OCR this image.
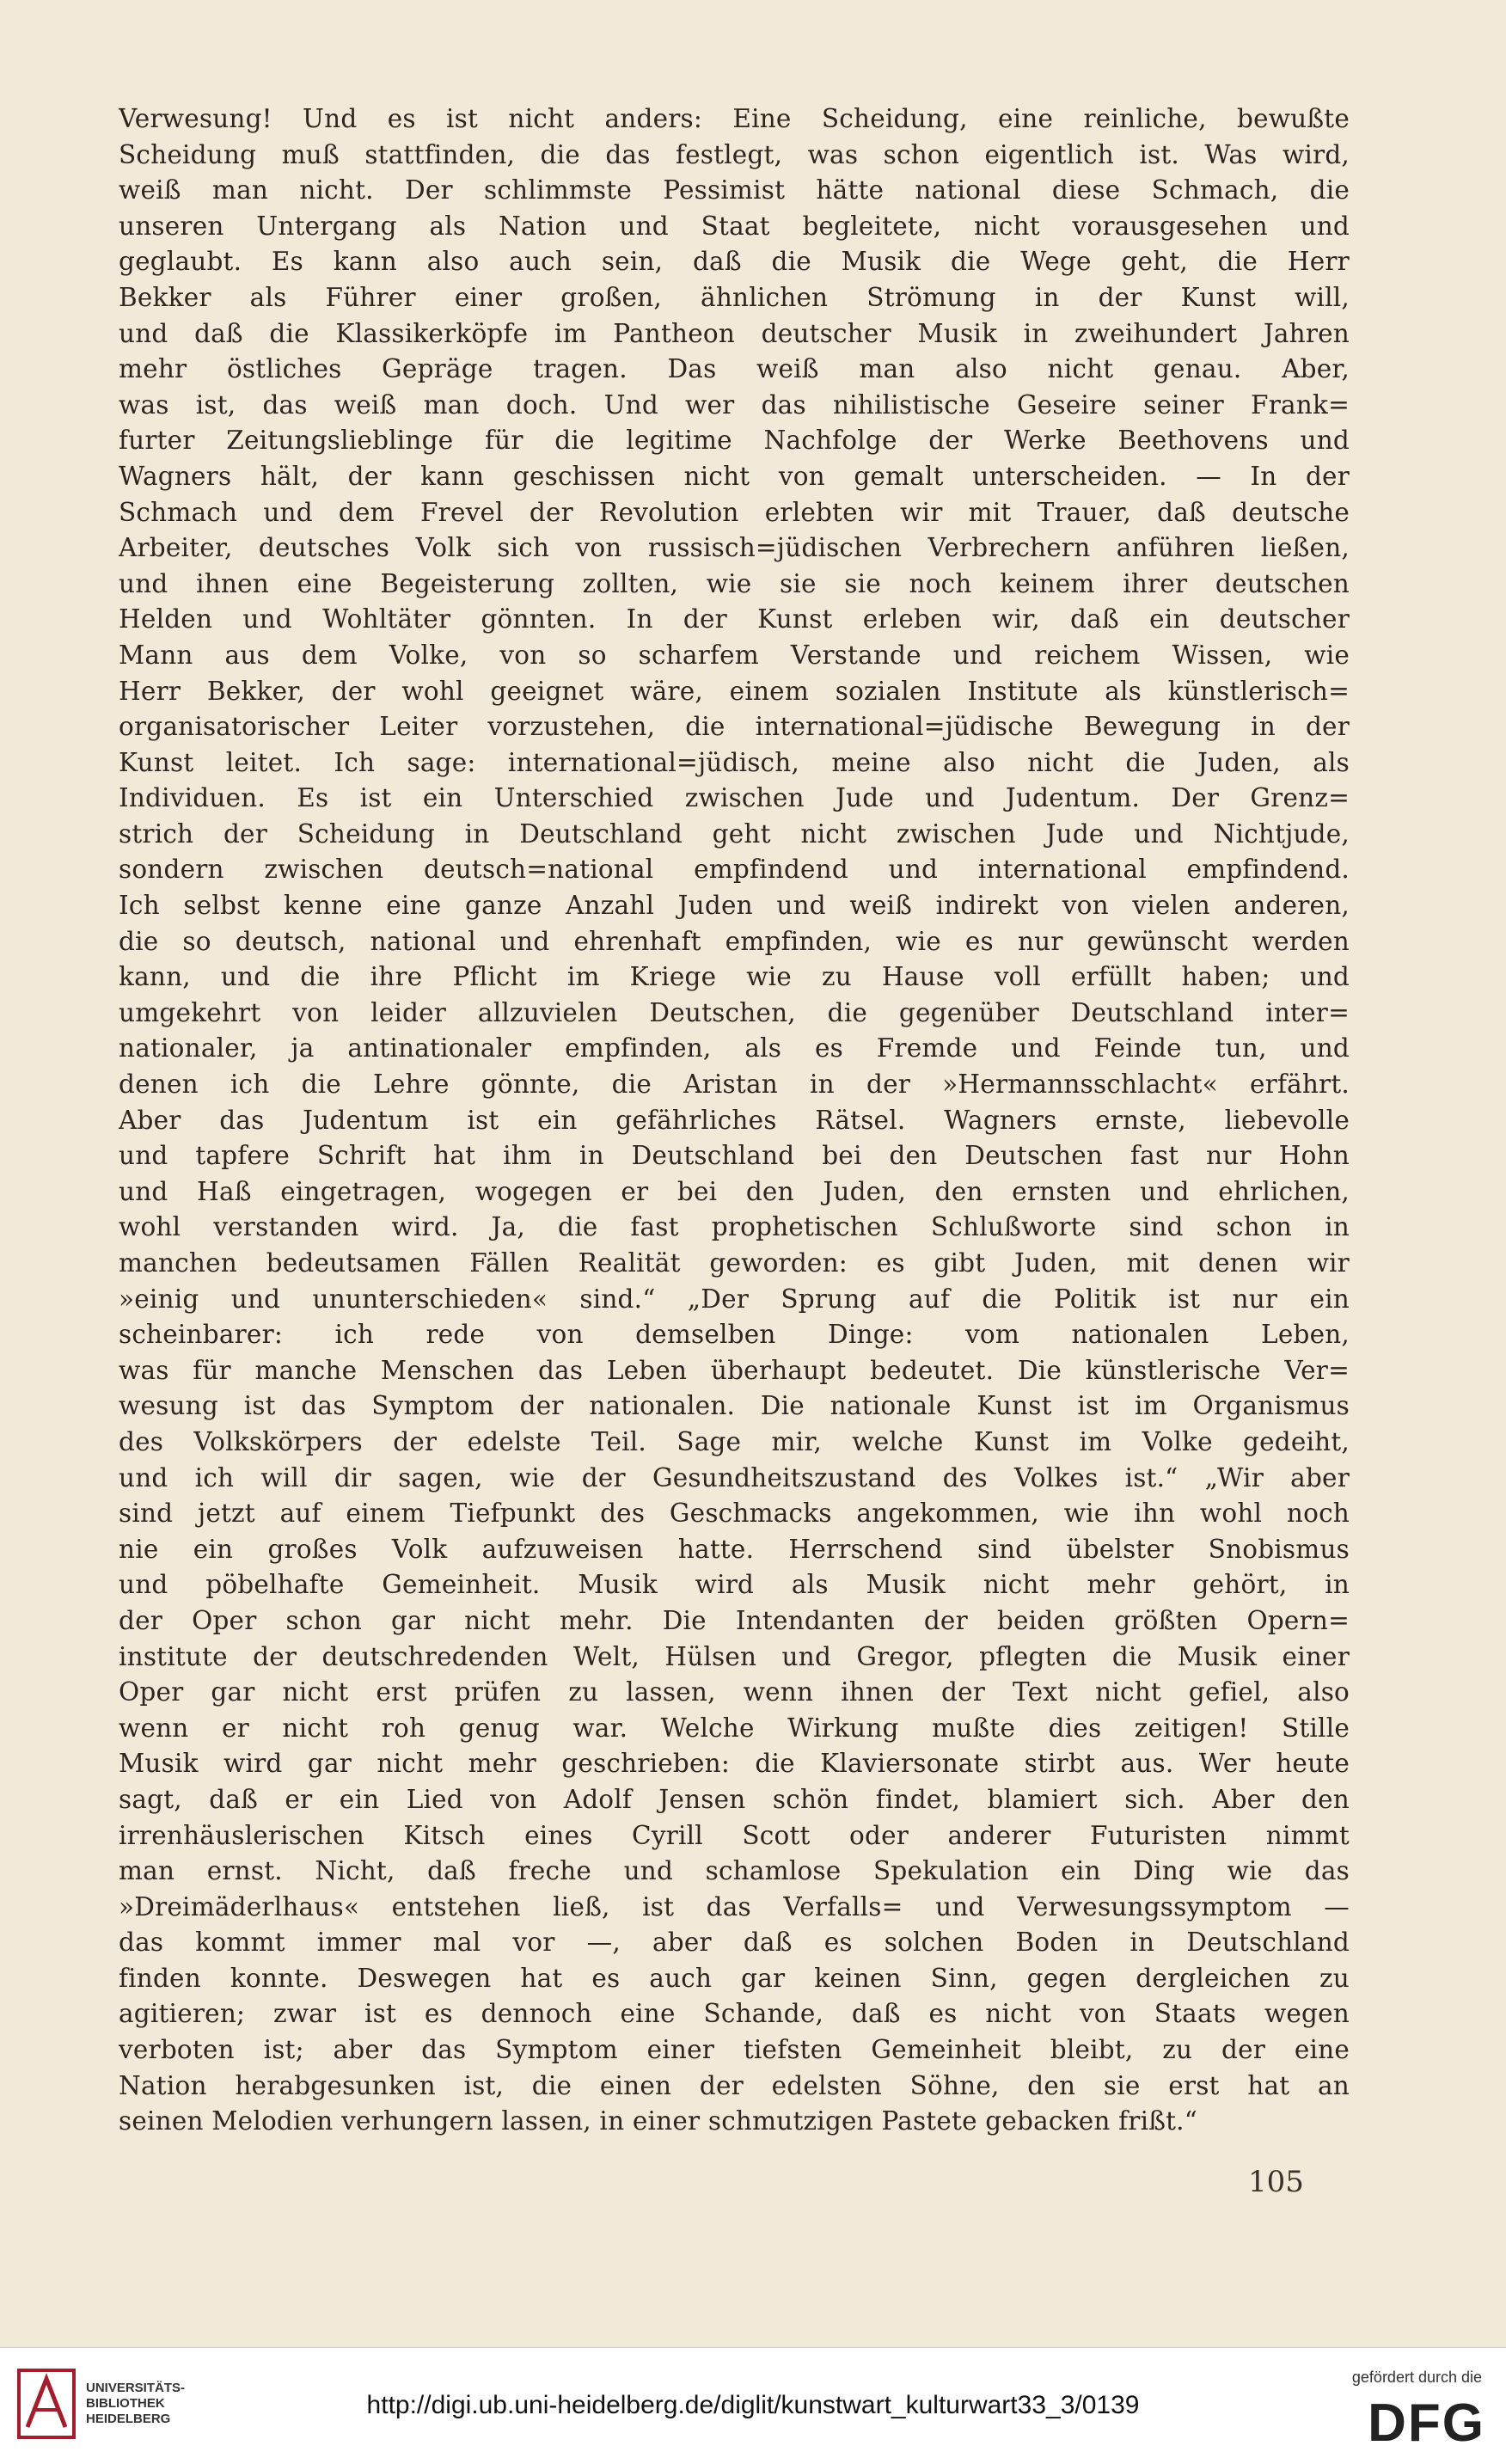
Verwesung! Und es ist nicht anders: Eine Scheidung, eine reinliche, bewußte
Scheidung muß stattfinden, die das festlegt, was schon eigentlich ist. Was wird,
weiß man nicht. Der schlimmste Pessimist hätte national diese Schmach, die
unseren Untergang als Nation und Staat begleitete, nicht vorausgesehen und
geglaubt. Es kann also auch sein, daß die Musik die Wege geht, die Herr
Bekker als Führer einer großen, ähnlichen Strömung in der Kunst will,
und daß die Klassikerköpfe im Pantheon deutscher Musik in zweihundert Jahren
mehr östliches Gepräge tragen. Das weiß man also nicht genau. Aber,
was ist, das weiß man doch. Und wer das nihilistische Geseire seiner Frank=
furter Zeitungslieblinge für die legitime Nachfolge der Werke Beethovens und
Wagners hält, der kann geschissen nicht von gemalt unterscheiden. — In der
Schmach und dem Frevel der Revolution erlebten wir mit Trauer, daß deutsche
Arbeiter, deutsches Volk sich von russisch=jüdischen Verbrechern anführen ließen,
und ihnen eine Begeisterung zollten, wie sie sie noch keinem ihrer deutschen
Helden und Wohltäter gönnten. In der Kunst erleben wir, daß ein deutscher
Mann aus dem Volke, von so scharfem Verstande und reichem Wissen, wie
Herr Bekker, der wohl geeignet wäre, einem sozialen Institute als künstlerisch=
organisatorischer Leiter vorzustehen, die international=jüdische Bewegung in der
Kunst leitet. Ich sage: international=jüdisch, meine also nicht die Juden, als
Individuen. Es ist ein Unterschied zwischen Jude und Judentum. Der Grenz=
strich der Scheidung in Deutschland geht nicht zwischen Jude und Nichtjude,
sondern zwischen deutsch=national empfindend und international empfindend.
Ich selbst kenne eine ganze Anzahl Juden und weiß indirekt von vielen anderen,
die so deutsch, national und ehrenhaft empfinden, wie es nur gewünscht werden
kann, und die ihre Pflicht im Kriege wie zu Hause voll erfüllt haben; und
umgekehrt von leider allzuvielen Deutschen, die gegenüber Deutschland inter=
nationaler, ja antinationaler empfinden, als es Fremde und Feinde tun, und
denen ich die Lehre gönnte, die Aristan in der »Hermannsschlacht« erfährt.
Aber das Judentum ist ein gefährliches Rätsel. Wagners ernste, liebevolle
und tapfere Schrift hat ihm in Deutschland bei den Deutschen fast nur Hohn
und Haß eingetragen, wogegen er bei den Juden, den ernsten und ehrlichen,
wohl verstanden wird. Ja, die fast prophetischen Schlußworte sind schon in
manchen bedeutsamen Fällen Realität geworden: es gibt Juden, mit denen wir
»einig und ununterschieden« sind.“ „Der Sprung auf die Politik ist nur ein
scheinbarer: ich rede von demselben Dinge: vom nationalen Leben,
was für manche Menschen das Leben überhaupt bedeutet. Die künstlerische Ver=
wesung ist das Symptom der nationalen. Die nationale Kunst ist im Organismus
des Volkskörpers der edelste Teil. Sage mir, welche Kunst im Volke gedeiht,
und ich will dir sagen, wie der Gesundheitszustand des Volkes ist.“ „Wir aber
sind jetzt auf einem Tiefpunkt des Geschmacks angekommen, wie ihn wohl noch
nie ein großes Volk aufzuweisen hatte. Herrschend sind übelster Snobismus
und pöbelhafte Gemeinheit. Musik wird als Musik nicht mehr gehört, in
der Oper schon gar nicht mehr. Die Intendanten der beiden größten Opern=
institute der deutschredenden Welt, Hülsen und Gregor, pflegten die Musik einer
Oper gar nicht erst prüfen zu lassen, wenn ihnen der Text nicht gefiel, also
wenn er nicht roh genug war. Welche Wirkung mußte dies zeitigen! Stille
Musik wird gar nicht mehr geschrieben: die Klaviersonate stirbt aus. Wer heute
sagt, daß er ein Lied von Adolf Jensen schön findet, blamiert sich. Aber den
irrenhäuslerischen Kitsch eines Cyrill Scott oder anderer Futuristen nimmt
man ernst. Nicht, daß freche und schamlose Spekulation ein Ding wie das
»Dreimäderlhaus« entstehen ließ, ist das Verfalls= und Verwesungssymptom —
das kommt immer mal vor —, aber daß es solchen Boden in Deutschland
finden konnte. Deswegen hat es auch gar keinen Sinn, gegen dergleichen zu
agitieren; zwar ist es dennoch eine Schande, daß es nicht von Staats wegen
verboten ist; aber das Symptom einer tiefsten Gemeinheit bleibt, zu der eine
Nation herabgesunken ist, die einen der edelsten Söhne, den sie erst hat an
seinen Melodien verhungern lassen, in einer schmutzigen Pastete gebacken frißt.“
105
UNIVERSITÄTS-
BIBLIOTHEK
HEIDELBERG	http://digi.ub.uni-heidelberg.de/diglit/kunstwart_kulturwart33_3/0139
gefördert durch die
DFG
